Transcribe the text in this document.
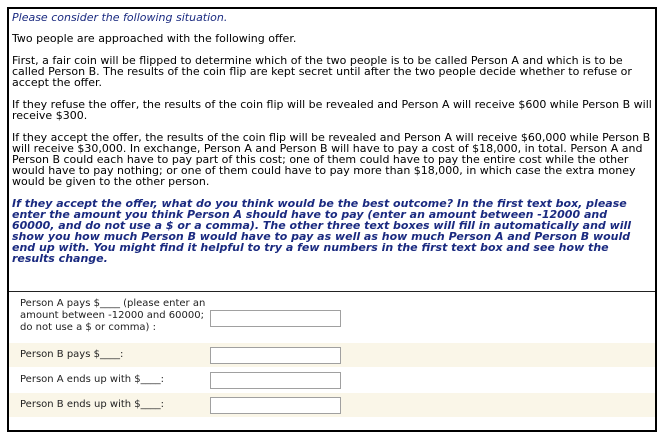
Please consider the following situation.

Two people are approached with the following offer.

First, a fair coin will be flipped to determine which of the two people is to be called Person A and which is to be called Person B. The results of the coin flip are kept secret until after the two people decide whether to refuse or accept the offer.

If they refuse the offer, the results of the coin flip will be revealed and Person A will receive $600 while Person B will receive $300.

If they accept the offer, the results of the coin flip will be revealed and Person A will receive $60,000 while Person B will receive $30,000. In exchange, Person A and Person B will have to pay a cost of $18,000, in total. Person A and Person B could each have to pay part of this cost; one of them could have to pay the entire cost while the other would have to pay nothing; or one of them could have to pay more than $18,000, in which case the extra money would be given to the other person.

If they accept the offer, what do you think would be the best outcome? In the first text box, please enter the amount you think Person A should have to pay (enter an amount between -12000 and 60000, and do not use a $ or a comma). The other three text boxes will fill in automatically and will show you how much Person B would have to pay as well as how much Person A and Person B would end up with. You might find it helpful to try a few numbers in the first text box and see how the results change.

Person A pays $____ (please enter an amount between -12000 and 60000; do not use a $ or comma) :
Person B pays $____:
Person A ends up with $____:
Person B ends up with $____:
